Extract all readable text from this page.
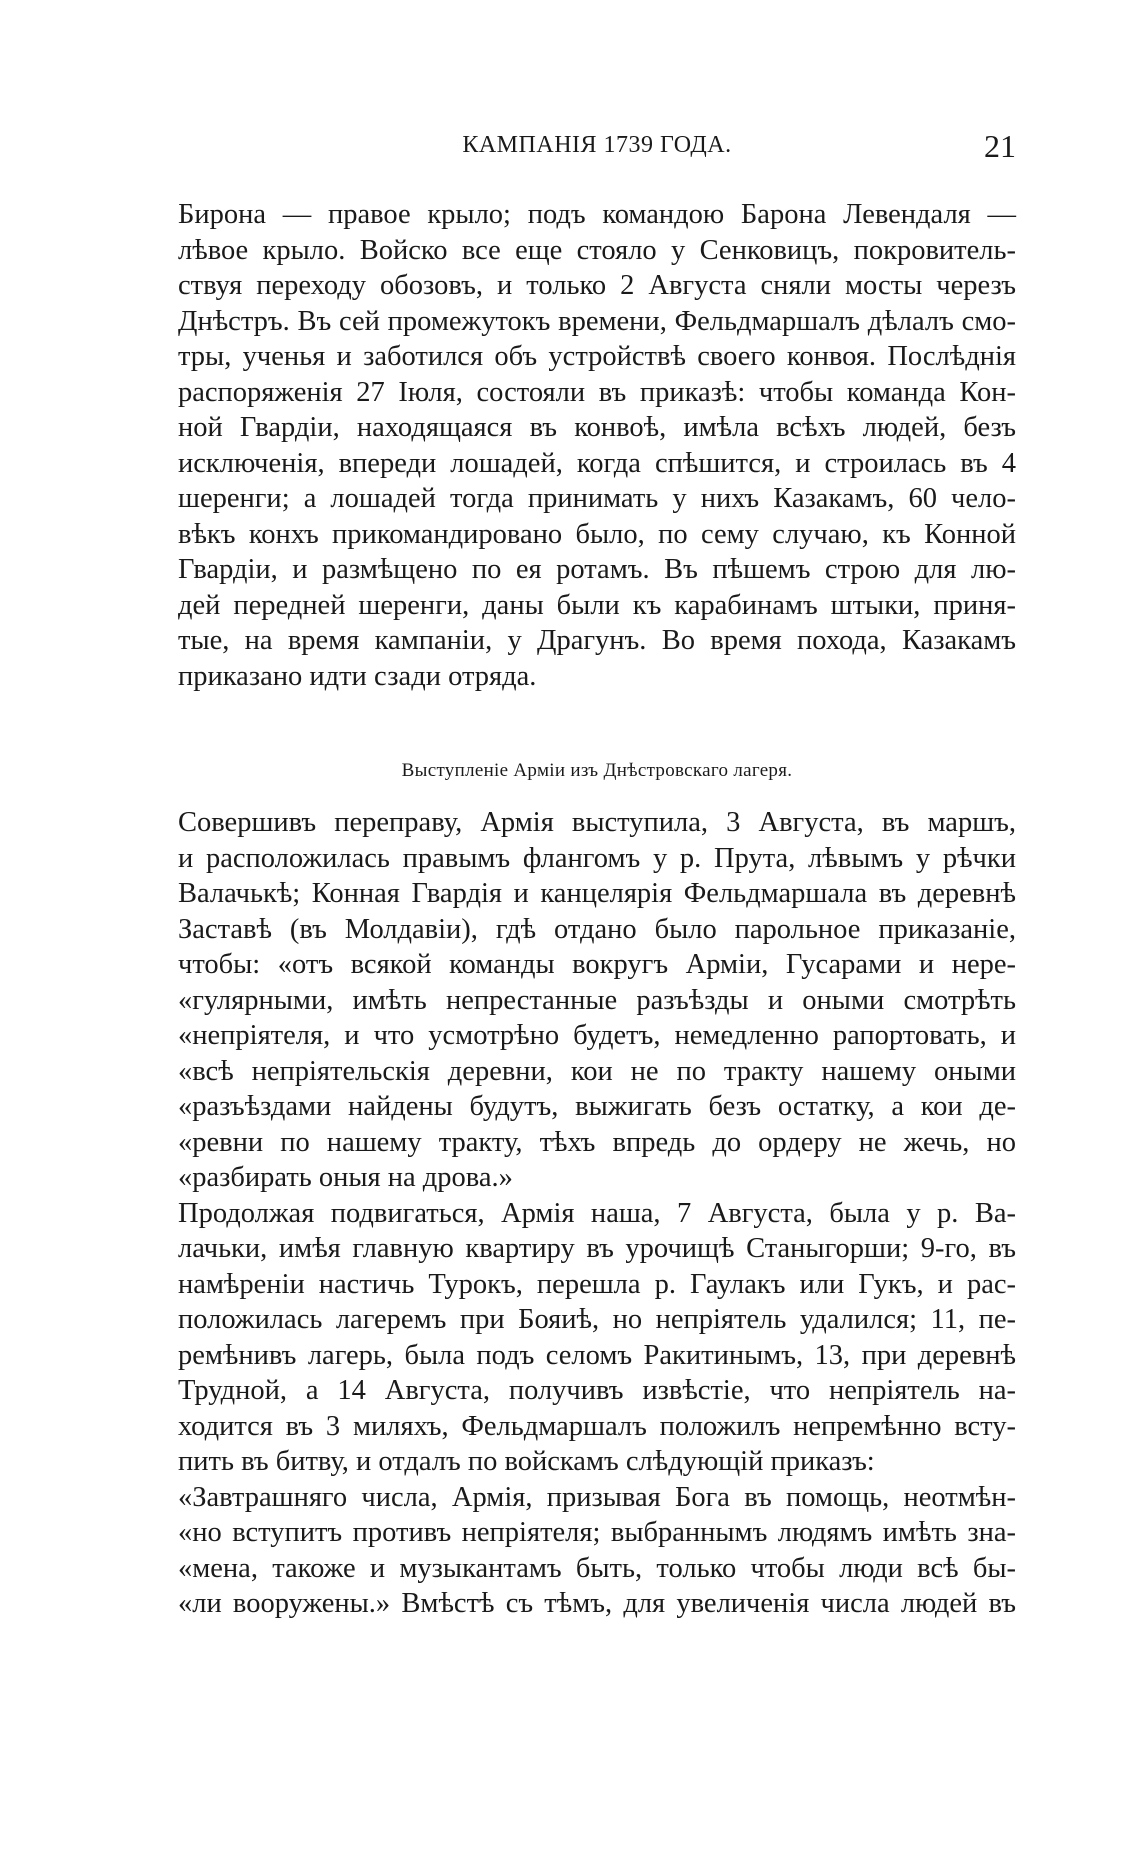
КАМПАНІЯ 1739 ГОДА.	21
Бирона — правое крыло; подъ командою Барона Левендаля —
лѣвое крыло. Войско все еще стояло у Сенковицъ, покровитель-
ствуя переходу обозовъ, и только 2 Августа сняли мосты черезъ
Днѣстръ. Въ сей промежутокъ времени, Фельдмаршалъ дѣлалъ смо-
тры, ученья и заботился объ устройствѣ своего конвоя. Послѣднія
распоряженія 27 Іюля, состояли въ приказѣ: чтобы команда Кон-
ной Гвардіи, находящаяся въ конвоѣ, имѣла всѣхъ людей, безъ
исключенія, впереди лошадей, когда спѣшится, и строилась въ 4
шеренги; а лошадей тогда принимать у нихъ Казакамъ, 60 чело-
вѣкъ конхъ прикомандировано было, по сему случаю, къ Конной
Гвардіи, и размѣщено по ея ротамъ. Въ пѣшемъ строю для лю-
дей передней шеренги, даны были къ карабинамъ штыки, приня-
тые, на время кампаніи, у Драгунъ. Во время похода, Казакамъ
приказано идти сзади отряда.
Выступленіе Арміи изъ Днѣстровскаго лагеря.
Совершивъ переправу, Армія выступила, 3 Августа, въ маршъ,
и расположилась правымъ флангомъ у р. Прута, лѣвымъ у рѣчки
Валачькѣ; Конная Гвардія и канцелярія Фельдмаршала въ деревнѣ
Заставѣ (въ Молдавіи), гдѣ отдано было парольное приказаніе,
чтобы: «отъ всякой команды вокругъ Арміи, Гусарами и нере-
«гулярными, имѣть непрестанные разъѣзды и оными смотрѣть
«непріятеля, и что усмотрѣно будетъ, немедленно рапортовать, и
«всѣ непріятельскія деревни, кои не по тракту нашему оными
«разъѣздами найдены будутъ, выжигать безъ остатку, а кои де-
«ревни по нашему тракту, тѣхъ впредь до ордеру не жечь, но
«разбирать оныя на дрова.»
Продолжая подвигаться, Армія наша, 7 Августа, была у р. Ва-
лачьки, имѣя главную квартиру въ урочищѣ Станыгорши; 9-го, въ
намѣреніи настичь Турокъ, перешла р. Гаулакъ или Гукъ, и рас-
положилась лагеремъ при Бояиѣ, но непріятель удалился; 11, пе-
ремѣнивъ лагерь, была подъ селомъ Ракитинымъ, 13, при деревнѣ
Трудной, а 14 Августа, получивъ извѣстіе, что непріятель на-
ходится въ 3 миляхъ, Фельдмаршалъ положилъ непремѣнно всту-
пить въ битву, и отдалъ по войскамъ слѣдующій приказъ:
«Завтрашняго числа, Армія, призывая Бога въ помощь, неотмѣн-
«но вступитъ противъ непріятеля; выбраннымъ людямъ имѣть зна-
«мена, такоже и музыкантамъ быть, только чтобы люди всѣ бы-
«ли вооружены.» Вмѣстѣ съ тѣмъ, для увеличенія числа людей въ
